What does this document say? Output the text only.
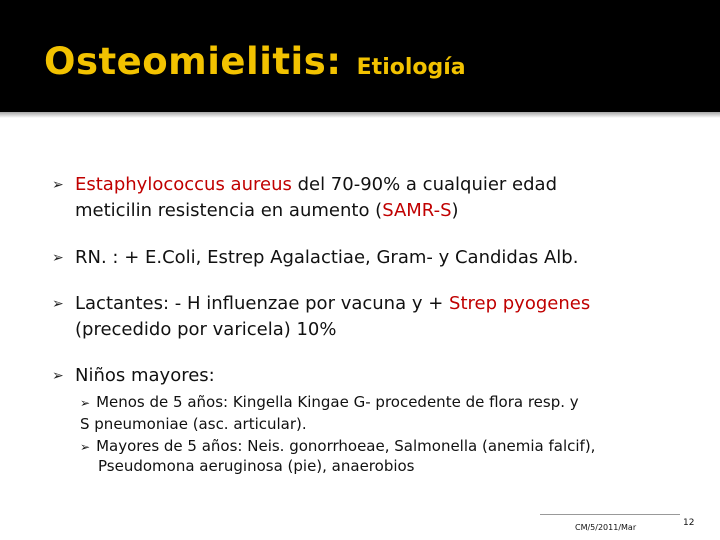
Osteomielitis: Etiología
➢ Estaphylococcus aureus del 70-90% a cualquier edad
meticilin resistencia en aumento (SAMR-S)
➢ RN. : + E.Coli, Estrep Agalactiae, Gram- y Candidas Alb.
➢ Lactantes: - H influenzae por vacuna y + Strep pyogenes
(precedido por varicela) 10%
➢ Niños mayores:
➢ Menos de 5 años: Kingella Kingae G- procedente de flora resp. y
S pneumoniae (asc. articular).
➢ Mayores de 5 años: Neis. gonorrhoeae, Salmonella (anemia falcif),
Pseudomona aeruginosa (pie), anaerobios
CM/5/2011/Mar	12
